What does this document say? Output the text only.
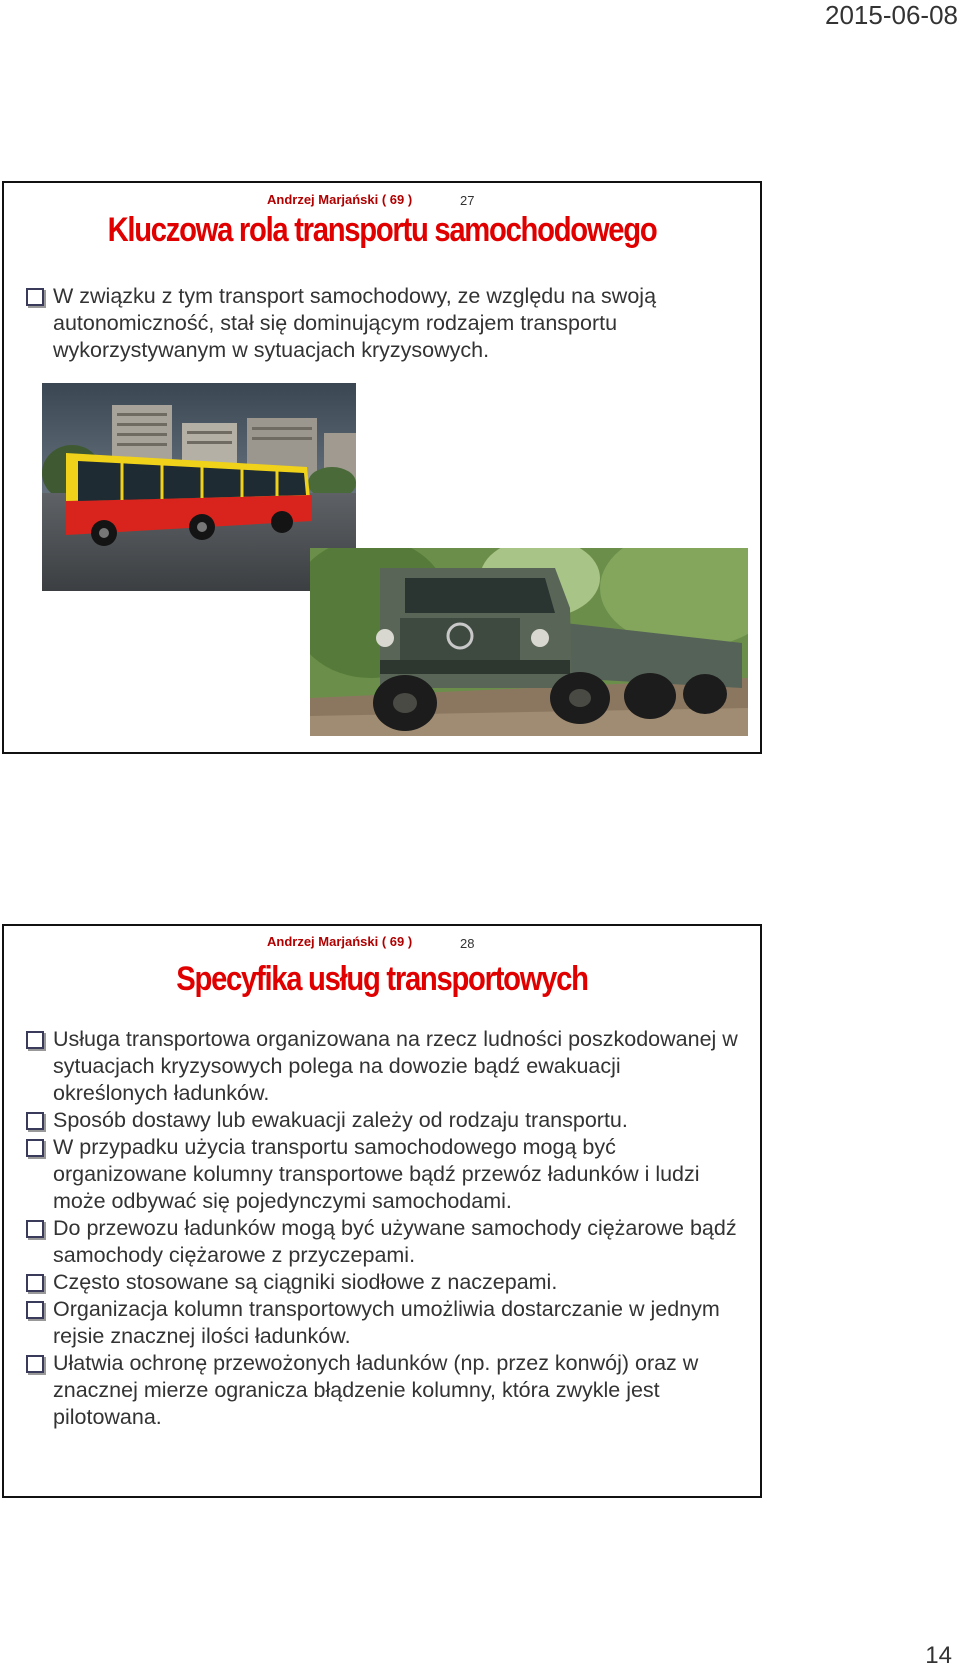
2015-06-08
Andrzej Marjański ( 69 )	27
Kluczowa rola transportu samochodowego
W związku z tym transport samochodowy, ze względu na swoją autonomiczność, stał się dominującym rodzajem transportu wykorzystywanym w sytuacjach kryzysowych.
Andrzej Marjański ( 69 )	28
Specyfika usług transportowych
Usługa transportowa organizowana na rzecz ludności poszkodowanej w sytuacjach kryzysowych polega na dowozie bądź ewakuacji określonych ładunków.
Sposób dostawy lub ewakuacji zależy od rodzaju transportu.
W przypadku użycia transportu samochodowego mogą być organizowane kolumny transportowe bądź przewóz ładunków i ludzi może odbywać się pojedynczymi samochodami.
Do przewozu ładunków mogą być używane samochody ciężarowe bądź samochody ciężarowe z przyczepami.
Często stosowane są ciągniki siodłowe z naczepami.
Organizacja kolumn transportowych umożliwia dostarczanie w jednym rejsie znacznej ilości ładunków.
Ułatwia ochronę przewożonych ładunków (np. przez konwój) oraz w znacznej mierze ogranicza błądzenie kolumny, która zwykle jest pilotowana.
14
